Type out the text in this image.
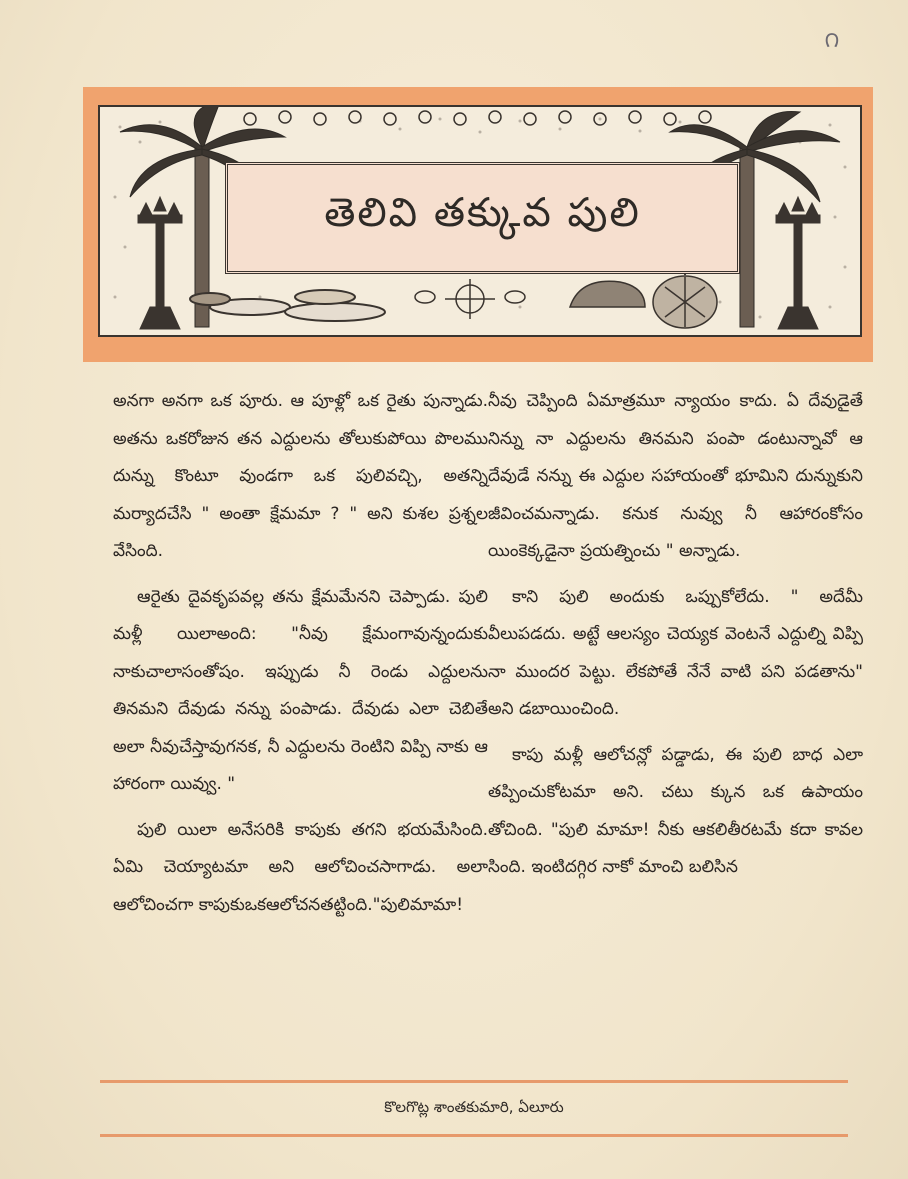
౧
తెలివి తక్కువ పులి

అనగా అనగా ఒక పూరు. ఆ పూళ్లో ఒక రైతు పున్నాడు. అతను ఒకరోజున తన ఎద్దులను తోలుకుపోయి పొలము దున్ను కొంటూ వుండగా ఒక పులివచ్చి, అతన్ని మర్యాదచేసి " అంతా క్షేమమా ? " అని కుశల ప్రశ్నల వేసింది.

ఆరైతు దైవకృపవల్ల తను క్షేమమేనని చెప్పాడు. పులి మళ్లీ యిలాఅంది: "నీవు క్షేమంగావున్నందుకు నాకుచాలాసంతోషం. ఇప్పుడు నీ రెండు ఎద్దులను తినమని దేవుడు నన్ను పంపాడు. దేవుడు ఎలా చెబితే అలా నీవుచేస్తావుగనక, నీ ఎద్దులను రెంటిని విప్పి నాకు ఆ హారంగా యివ్వు. "

పులి యిలా అనేసరికి కాపుకు తగని భయమేసింది. ఏమి చెయ్యాటమా అని ఆలోచించసాగాడు. అలా ఆలోచించగా కాపుకుఒకఆలోచనతట్టింది."పులిమామా!

నీవు చెప్పింది ఏమాత్రమూ న్యాయం కాదు. ఏ దేవుడైతే నిన్ను నా ఎద్దులను తినమని పంపా డంటున్నావో ఆ దేవుడే నన్ను ఈ ఎద్దుల సహాయంతో భూమిని దున్నుకుని జీవించమన్నాడు. కనుక నువ్వు నీ ఆహారంకోసం యింకెక్కడైనా ప్రయత్నించు " అన్నాడు.

కాని పులి అందుకు ఒప్పుకోలేదు. " అదేమీ వీలుపడదు. అట్టే ఆలస్యం చెయ్యక వెంటనే ఎద్దుల్ని విప్పి నా ముందర పెట్టు. లేకపోతే నేనే వాటి పని పడతాను" అని డబాయించింది.

కాపు మళ్లీ ఆలోచన్లో పడ్డాడు, ఈ పులి బాధ ఎలా తప్పించుకోటమా అని. చటు క్కున ఒక ఉపాయం తోచింది. "పులి మామా! నీకు ఆకలితీరటమే కదా కావల సింది. ఇంటిదగ్గిర నాకో మాంచి బలిసిన

కొలగొట్ల శాంతకుమారి, ఏలూరు
